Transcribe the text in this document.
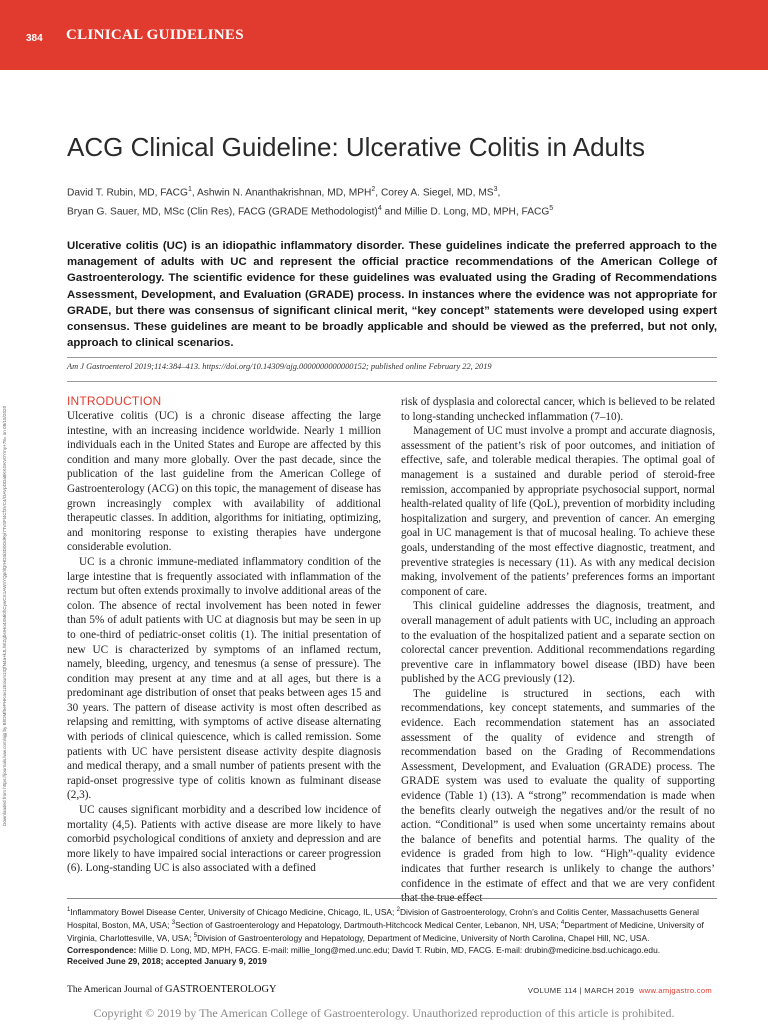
384 CLINICAL GUIDELINES
Downloaded from https://journals.lww.com/ajg by BhDMf5ePHKav1zEoum1tQfN4a+kJLhEZgbsIHo4XMi0hCywCX1AWnYQp/IlQrHD3i3D0OdRyi7TvSFl4Cf3VC4/OAVpDDa8KKGKV0Ymy+78= on 08/15/2020
ACG Clinical Guideline: Ulcerative Colitis in Adults
David T. Rubin, MD, FACG$^1$, Ashwin N. Ananthakrishnan, MD, MPH$^2$, Corey A. Siegel, MD, $MS^3$,
Bryan G. Sauer, MD, MSc (Clin Res), FACG (GRADE Methodologist)$^4$ and Millie D. Long, MD, MPH, FACG$^5$
Ulcerative colitis (UC) is an idiopathic inflammatory disorder. These guidelines indicate the preferred approach to the management of adults with UC and represent the official practice recommendations of the American College of Gastroenterology. The scientific evidence for these guidelines was evaluated using the Grading of Recommendations Assessment, Development, and Evaluation (GRADE) process. In instances where the evidence was not appropriate for GRADE, but there was consensus of significant clinical merit, “key concept” statements were developed using expert consensus. These guidelines are meant to be broadly applicable and should be viewed as the preferred, but not only, approach to clinical scenarios.
Am J Gastroenterol 2019;114:384–413. https://doi.org/10.14309/ajg.0000000000000152; published online February 22, 2019
INTRODUCTION

Ulcerative colitis (UC) is a chronic disease affecting the large intestine, with an increasing incidence worldwide. Nearly 1 million individuals each in the United States and Europe are affected by this condition and many more globally. Over the past decade, since the publication of the last guideline from the American College of Gastroenterology (ACG) on this topic, the management of disease has grown increasingly complex with availability of additional therapeutic classes. In addition, algorithms for initiating, optimizing, and monitoring response to existing therapies have undergone considerable evolution.

UC is a chronic immune-mediated inflammatory condition of the large intestine that is frequently associated with inflammation of the rectum but often extends proximally to involve additional areas of the colon. The absence of rectal involvement has been noted in fewer than 5% of adult patients with UC at diagnosis but may be seen in up to one-third of pediatric-onset colitis (1). The initial presentation of new UC is characterized by symptoms of an inflamed rectum, namely, bleeding, urgency, and tenesmus (a sense of pressure). The condition may present at any time and at all ages, but there is a predominant age distribution of onset that peaks between ages 15 and 30 years. The pattern of disease activity is most often described as relapsing and remitting, with symptoms of active disease alternating with periods of clinical quiescence, which is called remission. Some patients with UC have persistent disease activity despite diagnosis and medical therapy, and a small number of patients present with the rapid-onset progressive type of colitis known as fulminant disease (2,3).

UC causes significant morbidity and a described low incidence of mortality (4,5). Patients with active disease are more likely to have comorbid psychological conditions of anxiety and depression and are more likely to have impaired social interactions or career progression (6). Long-standing UC is also associated with a defined

risk of dysplasia and colorectal cancer, which is believed to be related to long-standing unchecked inflammation (7–10).

Management of UC must involve a prompt and accurate diagnosis, assessment of the patient’s risk of poor outcomes, and initiation of effective, safe, and tolerable medical therapies. The optimal goal of management is a sustained and durable period of steroid-free remission, accompanied by appropriate psychosocial support, normal health-related quality of life (QoL), prevention of morbidity including hospitalization and surgery, and prevention of cancer. An emerging goal in UC management is that of mucosal healing. To achieve these goals, understanding of the most effective diagnostic, treatment, and preventive strategies is necessary (11). As with any medical decision making, involvement of the patients’ preferences forms an important component of care.

This clinical guideline addresses the diagnosis, treatment, and overall management of adult patients with UC, including an approach to the evaluation of the hospitalized patient and a separate section on colorectal cancer prevention. Additional recommendations regarding preventive care in inflammatory bowel disease (IBD) have been published by the ACG previously (12).

The guideline is structured in sections, each with recommendations, key concept statements, and summaries of the evidence. Each recommendation statement has an associated assessment of the quality of evidence and strength of recommendation based on the Grading of Recommendations Assessment, Development, and Evaluation (GRADE) process. The GRADE system was used to evaluate the quality of supporting evidence (Table 1) (13). A “strong” recommendation is made when the benefits clearly outweigh the negatives and/or the result of no action. “Conditional” is used when some uncertainty remains about the balance of benefits and potential harms. The quality of the evidence is graded from high to low. “High”-quality evidence indicates that further research is unlikely to change the authors’ confidence in the estimate of effect and that we are very confident that the true effect

$^1$Inflammatory Bowel Disease Center, University of Chicago Medicine, Chicago, IL, USA; $^2$Division of Gastroenterology, Crohn’s and Colitis Center, Massachusetts General Hospital, Boston, MA, USA; $^3$Section of Gastroenterology and Hepatology, Dartmouth-Hitchcock Medical Center, Lebanon, NH, USA; $^4$Department of Medicine, University of Virginia, Charlottesville, VA, USA; $^5$Division of Gastroenterology and Hepatology, Department of Medicine, University of North Carolina, Chapel Hill, NC, USA.

Correspondence: Millie D. Long, MD, MPH, FACG. E-mail: millie_long@med.unc.edu; David T. Rubin, MD, FACG. E-mail: drubin@medicine.bsd.uchicago.edu.

Received June 29, 2018; accepted January 9, 2019

The American Journal of GASTROENTEROLOGY	VOLUME 114 | MARCH 2019 www.amjgastro.com
Copyright © 2019 by The American College of Gastroenterology. Unauthorized reproduction of this article is prohibited.
